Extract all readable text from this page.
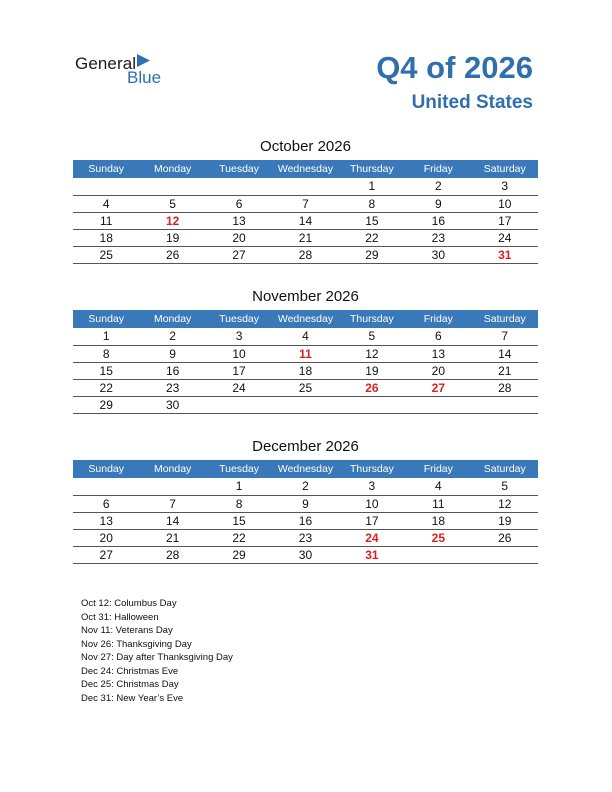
General
Blue	Q4 of 2026
United States
October 2026
Sunday	Monday	Tuesday	Wednesday	Thursday	Friday	Saturday
				1	2	3
4	5	6	7	8	9	10
11	12	13	14	15	16	17
18	19	20	21	22	23	24
25	26	27	28	29	30	31
November 2026
Sunday	Monday	Tuesday	Wednesday	Thursday	Friday	Saturday
1	2	3	4	5	6	7
8	9	10	11	12	13	14
15	16	17	18	19	20	21
22	23	24	25	26	27	28
29	30					
December 2026
Sunday	Monday	Tuesday	Wednesday	Thursday	Friday	Saturday
		1	2	3	4	5
6	7	8	9	10	11	12
13	14	15	16	17	18	19
20	21	22	23	24	25	26
27	28	29	30	31		
Oct 12: Columbus Day
Oct 31: Halloween
Nov 11: Veterans Day
Nov 26: Thanksgiving Day
Nov 27: Day after Thanksgiving Day
Dec 24: Christmas Eve
Dec 25: Christmas Day
Dec 31: New Year’s Eve
